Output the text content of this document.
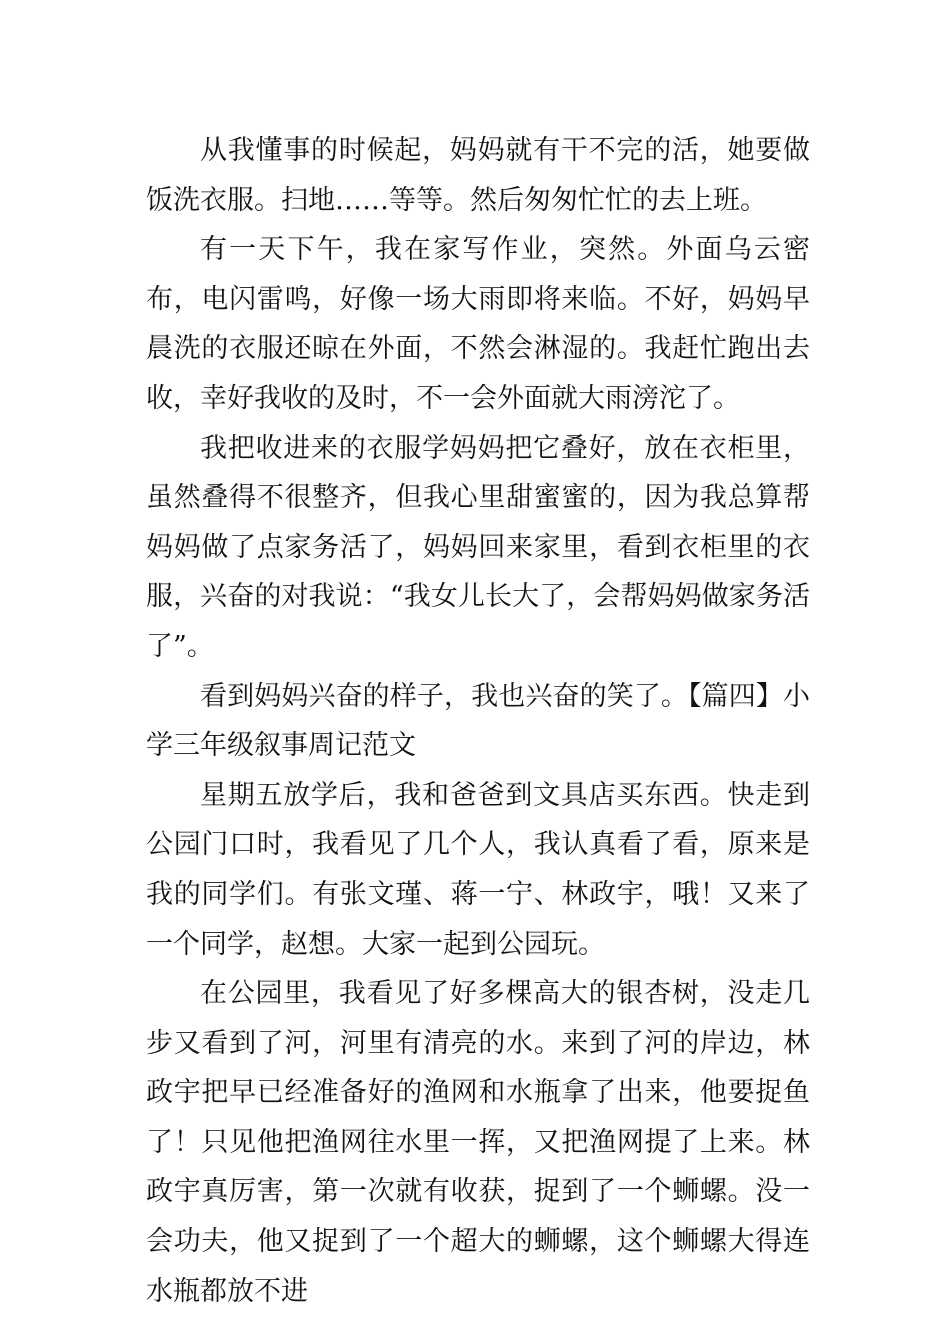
从我懂事的时候起，妈妈就有干不完的活，她要做饭洗衣服。扫地……等等。然后匆匆忙忙的去上班。

有一天下午，我在家写作业，突然。外面乌云密布，电闪雷鸣，好像一场大雨即将来临。不好，妈妈早晨洗的衣服还晾在外面，不然会淋湿的。我赶忙跑出去收，幸好我收的及时，不一会外面就大雨滂沱了。

我把收进来的衣服学妈妈把它叠好，放在衣柜里，虽然叠得不很整齐，但我心里甜蜜蜜的，因为我总算帮妈妈做了点家务活了，妈妈回来家里，看到衣柜里的衣服，兴奋的对我说：“我女儿长大了，会帮妈妈做家务活了”。

看到妈妈兴奋的样子，我也兴奋的笑了。【篇四】小学三年级叙事周记范文

星期五放学后，我和爸爸到文具店买东西。快走到公园门口时，我看见了几个人，我认真看了看，原来是我的同学们。有张文瑾、蒋一宁、林政宇，哦！又来了一个同学，赵想。大家一起到公园玩。

在公园里，我看见了好多棵高大的银杏树，没走几步又看到了河，河里有清亮的水。来到了河的岸边，林政宇把早已经准备好的渔网和水瓶拿了出来，他要捉鱼了！只见他把渔网往水里一挥，又把渔网提了上来。林政宇真厉害，第一次就有收获，捉到了一个蛳螺。没一会功夫，他又捉到了一个超大的蛳螺，这个蛳螺大得连水瓶都放不进
